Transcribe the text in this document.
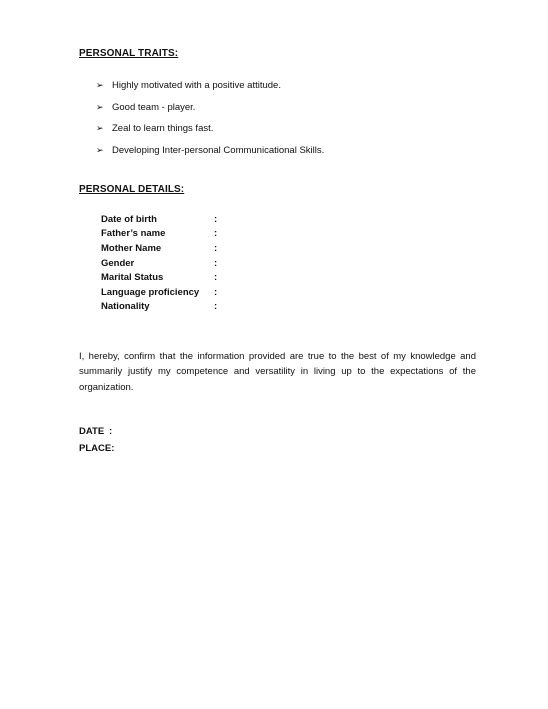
PERSONAL TRAITS:
➢ Highly motivated with a positive attitude.
➢ Good team - player.
➢ Zeal to learn things fast.
➢ Developing Inter-personal Communicational Skills.
PERSONAL DETAILS:
Date of birth	:
Father’s name	:
Mother Name	:
Gender	:
Marital Status	:
Language proficiency	:
Nationality	:

I, hereby, confirm that the information provided are true to the best of my knowledge and summarily justify my competence and versatility in living up to the expectations of the organization.

DATE :
PLACE:
